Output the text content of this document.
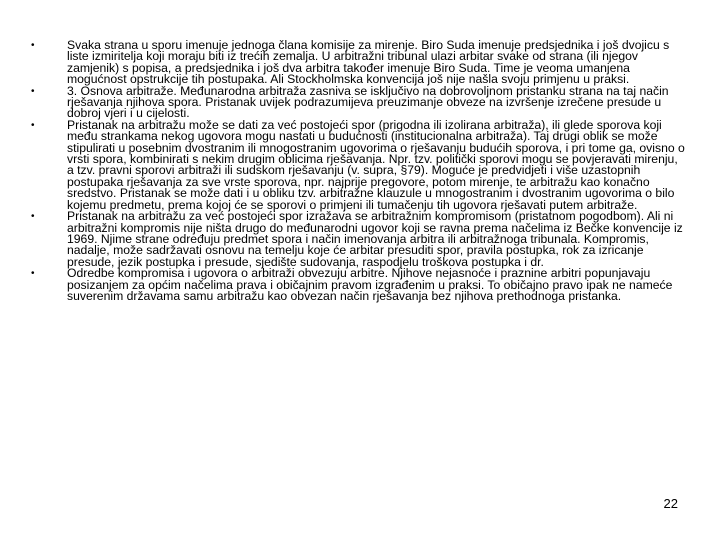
•	Svaka strana u sporu imenuje jednoga člana komisije za mirenje. Biro Suda imenuje predsjednika i još dvojicu s liste izmiritelja koji moraju biti iz trećih zemalja. U arbitražni tribunal ulazi arbitar svake od strana (ili njegov zamjenik) s popisa, a predsjednika i još dva arbitra također imenuje Biro Suda. Time je veoma umanjena mogućnost opstrukcije tih postupaka. Ali Stockholmska konvencija još nije našla svoju primjenu u praksi.
•	3. Osnova arbitraže. Međunarodna arbitraža zasniva se isključivo na dobrovoljnom pristanku strana na taj način rješavanja njihova spora. Pristanak uvijek podrazumijeva preuzimanje obveze na izvršenje izrečene presude u dobroj vjeri i u cijelosti.
•	Pristanak na arbitražu može se dati za već postojeći spor (prigodna ili izolirana arbitraža), ili glede sporova koji među strankama nekog ugovora mogu nastati u budućnosti (institucionalna arbitraža). Taj drugi oblik se može stipulirati u posebnim dvostranim ili mnogostranim ugovorima o rješavanju budućih sporova, i pri tome ga, ovisno o vrsti spora, kombinirati s nekim drugim oblicima rješavanja. Npr. tzv. politički sporovi mogu se povjeravati mirenju, a tzv. pravni sporovi arbitraži ili sudskom rješavanju (v. supra, §79). Moguće je predvidjeti i više uzastopnih postupaka rješavanja za sve vrste sporova, npr. najprije pregovore, potom mirenje, te arbitražu kao konačno sredstvo. Pristanak se može dati i u obliku tzv. arbitražne klauzule u mnogostranim i dvostranim ugovorima o bilo kojemu predmetu, prema kojoj će se sporovi o primjeni ili tumačenju tih ugovora rješavati putem arbitraže.
•	Pristanak na arbitražu za već postojeći spor izražava se arbitražnim kompromisom (pristatnom pogodbom). Ali ni arbitražni kompromis nije ništa drugo do međunarodni ugovor koji se ravna prema načelima iz Bečke konvencije iz 1969. Njime strane određuju predmet spora i način imenovanja arbitra ili arbitražnoga tribunala. Kompromis, nadalje, može sadržavati osnovu na temelju koje će arbitar presuditi spor, pravila postupka, rok za izricanje presude, jezik postupka i presude, sjedište sudovanja, raspodjelu troškova postupka i dr.
•	Odredbe kompromisa i ugovora o arbitraži obvezuju arbitre. Njihove nejasnoće i praznine arbitri popunjavaju posizanjem za općim načelima prava i običajnim pravom izgrađenim u praksi. To običajno pravo ipak ne nameće suverenim državama samu arbitražu kao obvezan način rješavanja bez njihova prethodnoga pristanka.
22
